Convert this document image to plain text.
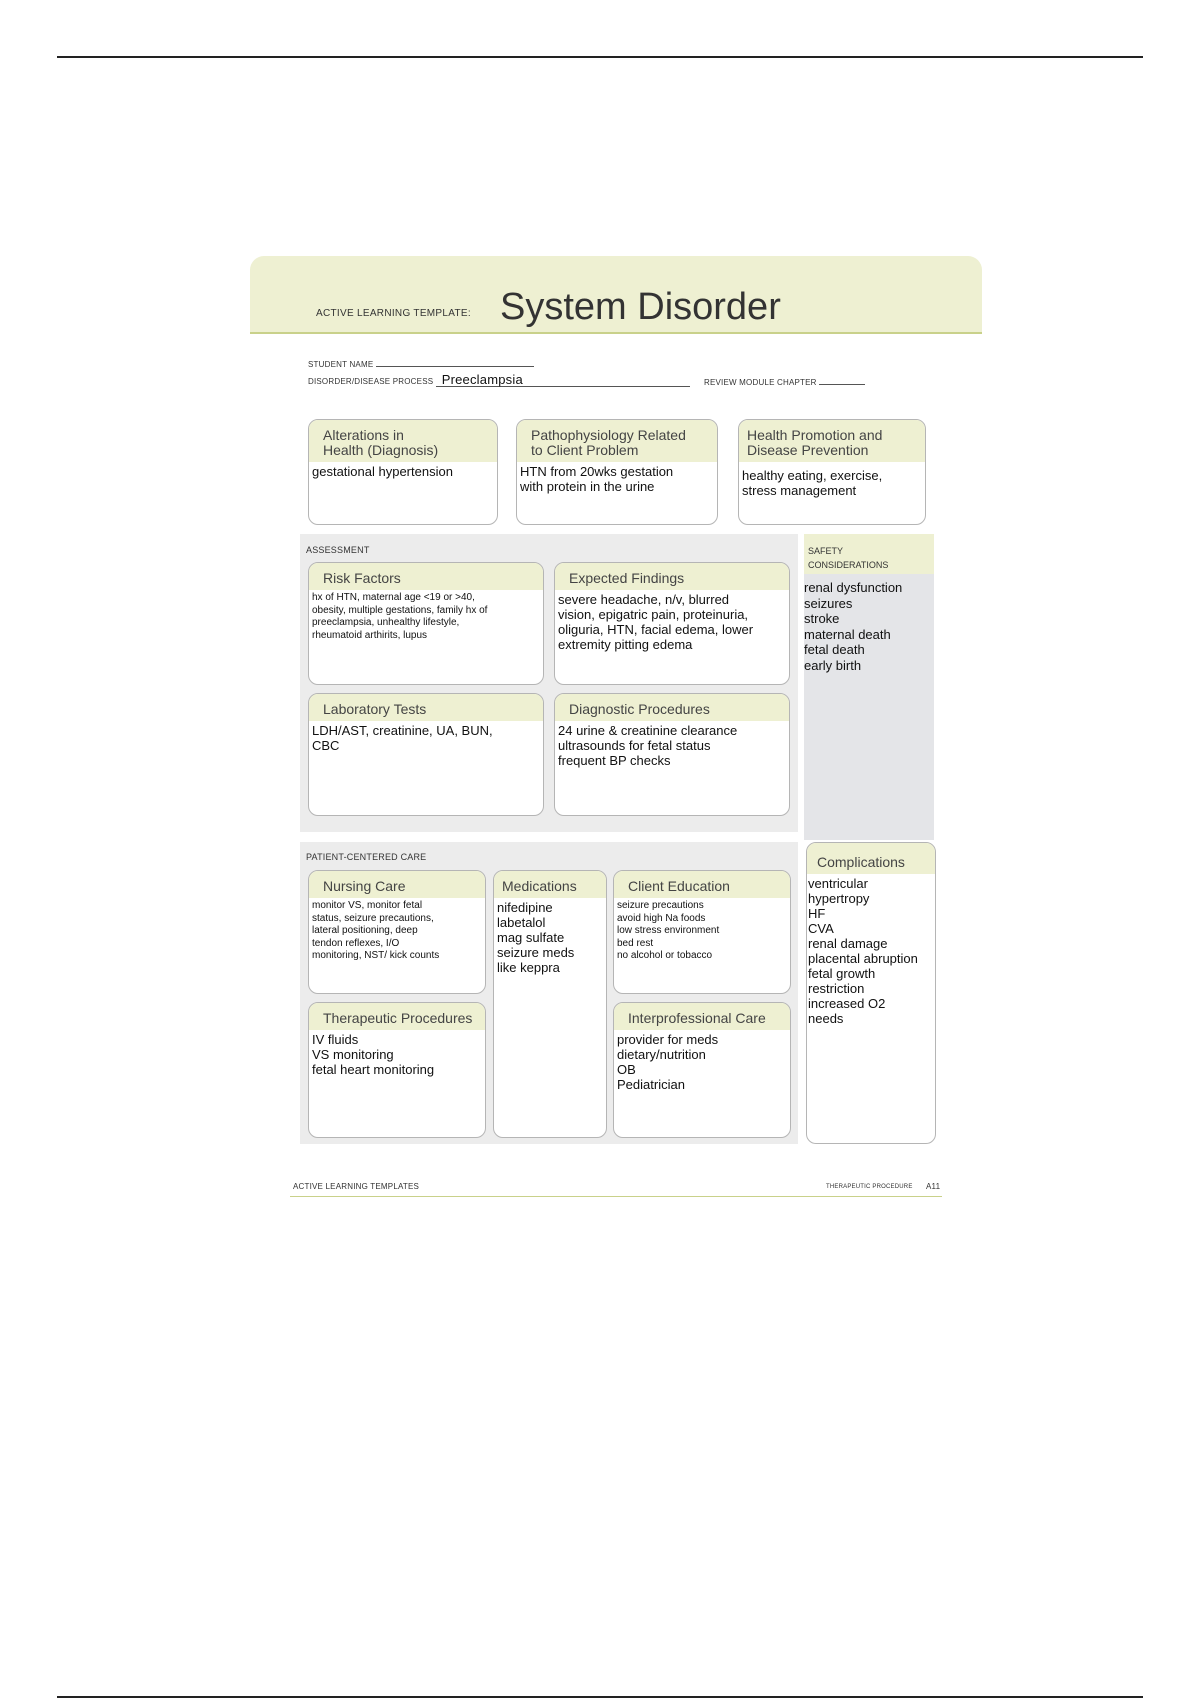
ACTIVE LEARNING TEMPLATE: System Disorder
STUDENT NAME
DISORDER/DISEASE PROCESS Preeclampsia	REVIEW MODULE CHAPTER
Alterations in
Health (Diagnosis)
gestational hypertension
Pathophysiology Related
to Client Problem
HTN from 20wks gestation
with protein in the urine
Health Promotion and
Disease Prevention
healthy eating, exercise,
stress management
ASSESSMENT
Risk Factors
hx of HTN, maternal age <19 or >40,
obesity, multiple gestations, family hx of
preeclampsia, unhealthy lifestyle,
rheumatoid arthirits, lupus
Expected Findings
severe headache, n/v, blurred
vision, epigatric pain, proteinuria,
oliguria, HTN, facial edema, lower
extremity pitting edema
Laboratory Tests
LDH/AST, creatinine, UA, BUN,
CBC
Diagnostic Procedures
24 urine & creatinine clearance
ultrasounds for fetal status
frequent BP checks
SAFETY
CONSIDERATIONS
renal dysfunction
seizures
stroke
maternal death
fetal death
early birth
PATIENT-CENTERED CARE
Nursing Care
monitor VS, monitor fetal
status, seizure precautions,
lateral positioning, deep
tendon reflexes, I/O
monitoring, NST/ kick counts
Medications
nifedipine
labetalol
mag sulfate
seizure meds
like keppra
Client Education
seizure precautions
avoid high Na foods
low stress environment
bed rest
no alcohol or tobacco
Therapeutic Procedures
IV fluids
VS monitoring
fetal heart monitoring
Interprofessional Care
provider for meds
dietary/nutrition
OB
Pediatrician
Complications
ventricular
hypertropy
HF
CVA
renal damage
placental abruption
fetal growth
restriction
increased O2
needs
ACTIVE LEARNING TEMPLATES	THERAPEUTIC PROCEDURE A11
